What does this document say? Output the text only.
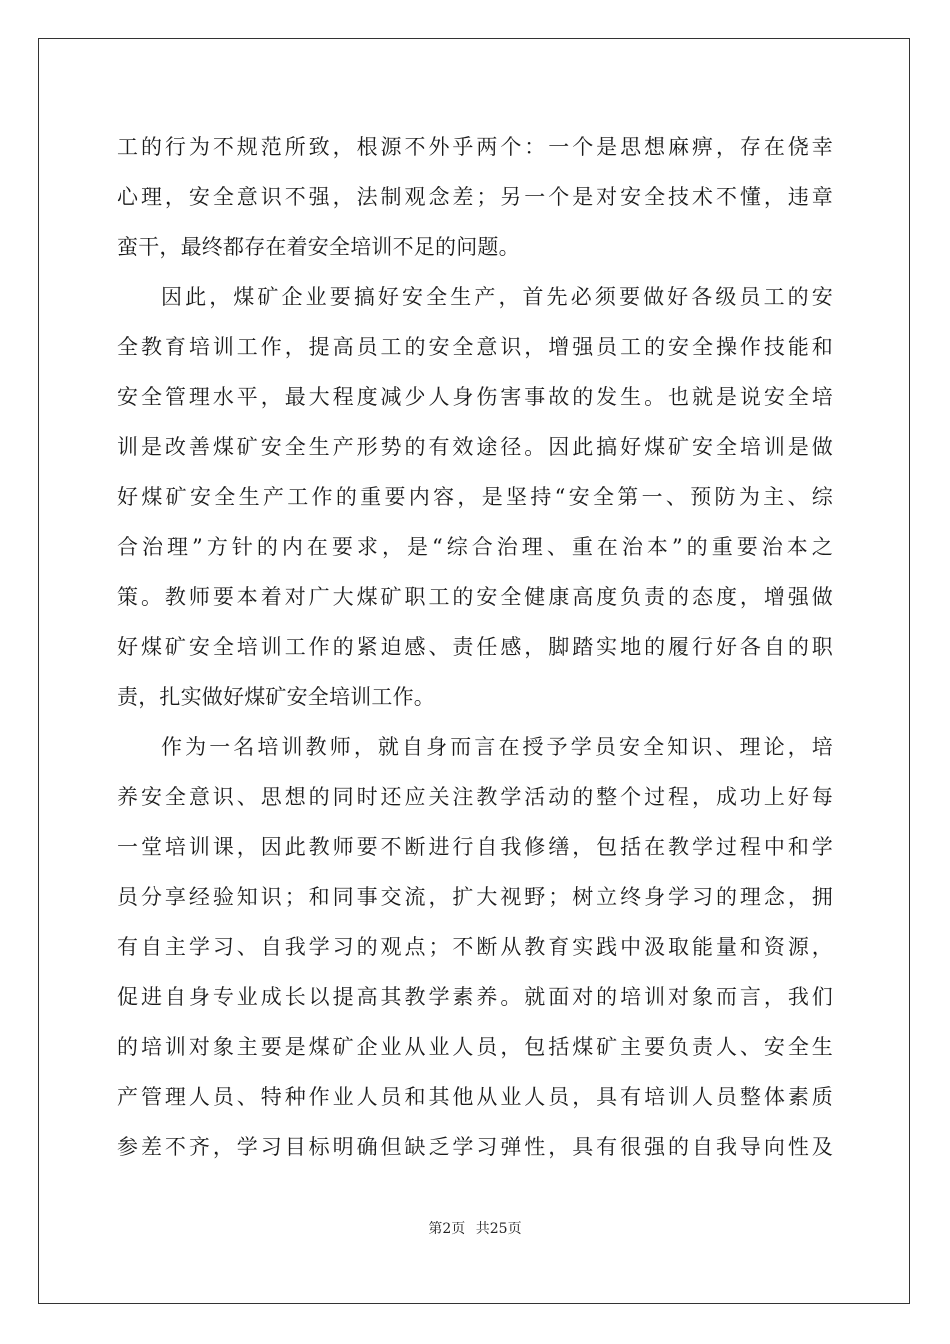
工的行为不规范所致，根源不外乎两个：一个是思想麻痹，存在侥幸
心理，安全意识不强，法制观念差；另一个是对安全技术不懂，违章
蛮干，最终都存在着安全培训不足的问题。
因此，煤矿企业要搞好安全生产，首先必须要做好各级员工的安
全教育培训工作，提高员工的安全意识，增强员工的安全操作技能和
安全管理水平，最大程度减少人身伤害事故的发生。也就是说安全培
训是改善煤矿安全生产形势的有效途径。因此搞好煤矿安全培训是做
好煤矿安全生产工作的重要内容，是坚持“安全第一、预防为主、综
合治理”方针的内在要求，是“综合治理、重在治本”的重要治本之
策。教师要本着对广大煤矿职工的安全健康高度负责的态度，增强做
好煤矿安全培训工作的紧迫感、责任感，脚踏实地的履行好各自的职
责，扎实做好煤矿安全培训工作。
作为一名培训教师，就自身而言在授予学员安全知识、理论，培
养安全意识、思想的同时还应关注教学活动的整个过程，成功上好每
一堂培训课，因此教师要不断进行自我修缮，包括在教学过程中和学
员分享经验知识；和同事交流，扩大视野；树立终身学习的理念，拥
有自主学习、自我学习的观点；不断从教育实践中汲取能量和资源，
促进自身专业成长以提高其教学素养。就面对的培训对象而言，我们
的培训对象主要是煤矿企业从业人员，包括煤矿主要负责人、安全生
产管理人员、特种作业人员和其他从业人员，具有培训人员整体素质
参差不齐，学习目标明确但缺乏学习弹性，具有很强的自我导向性及
第2页 共25页
